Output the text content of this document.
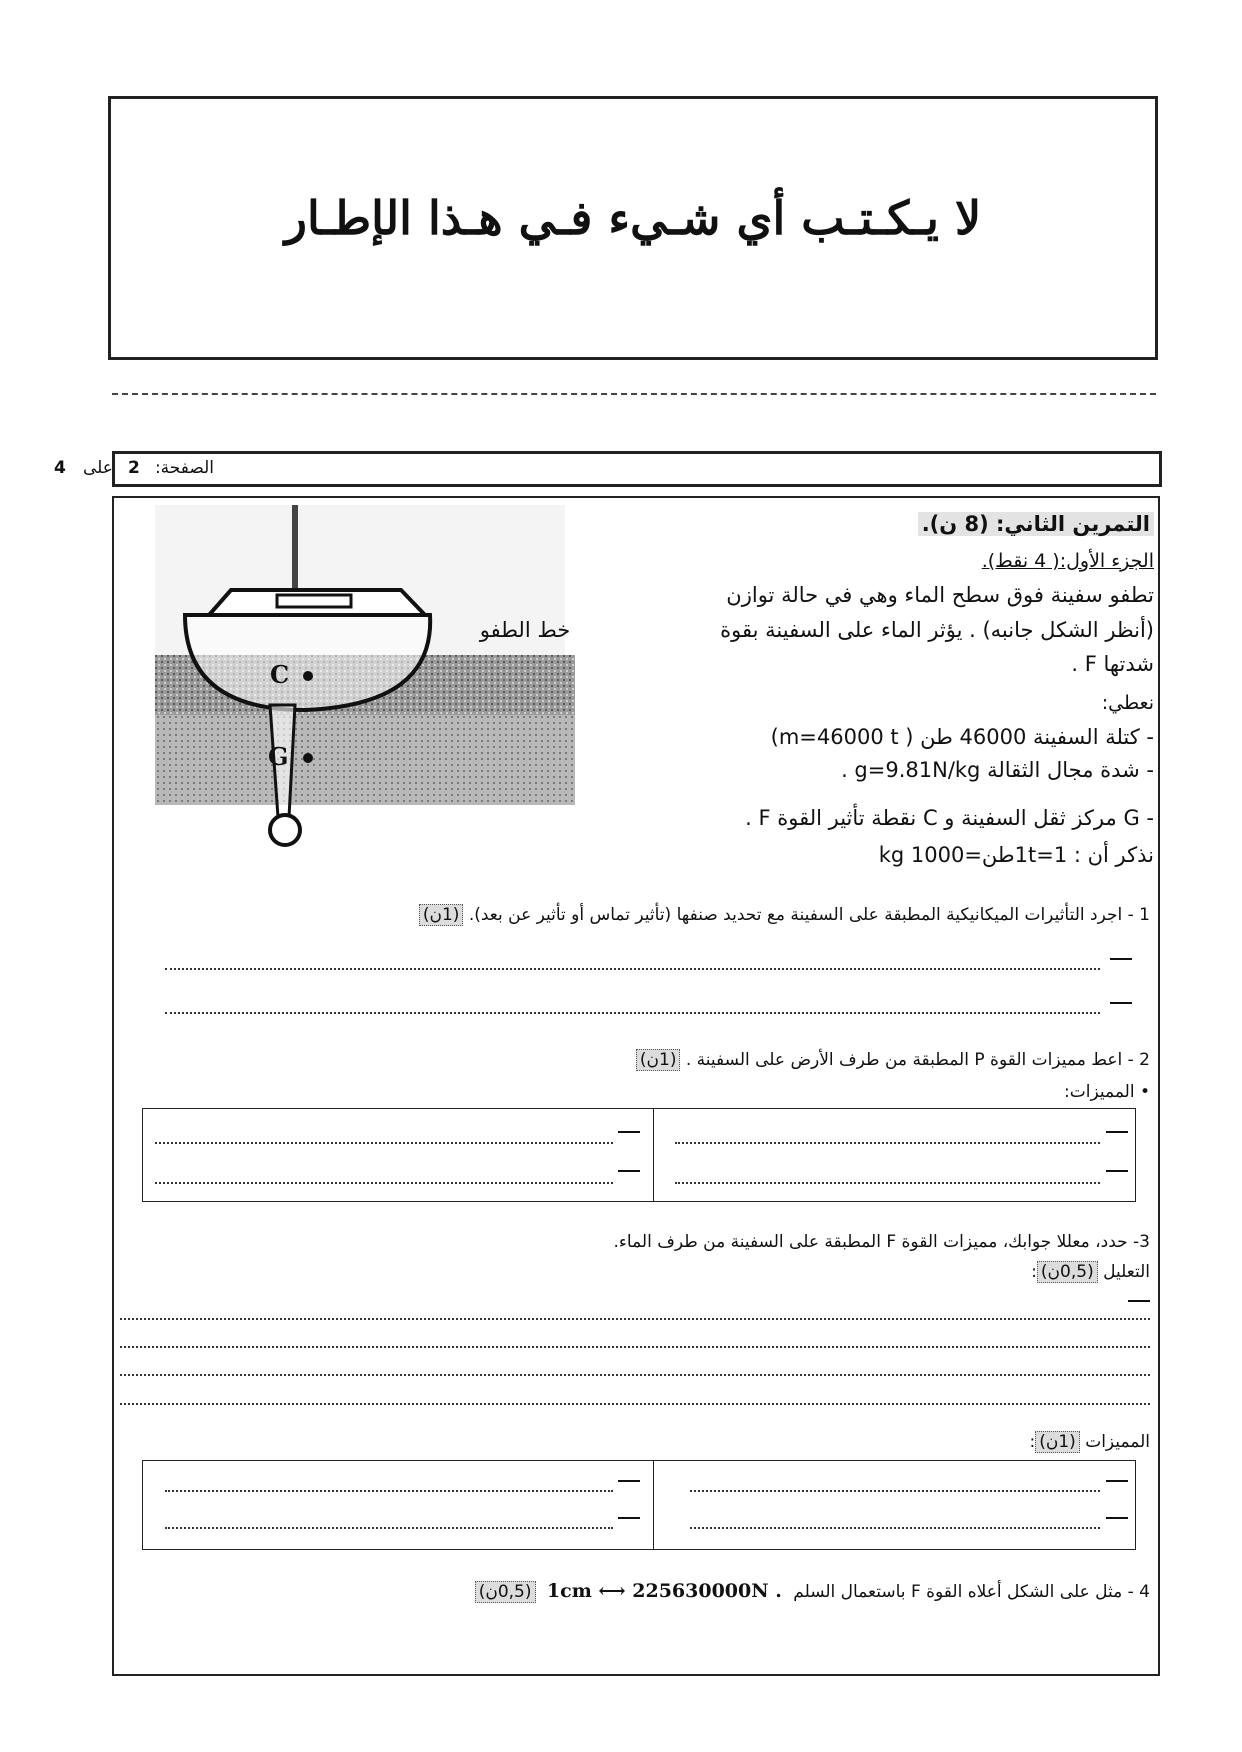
لا يـكـتـب أي شـيء فـي هـذا الإطـار
الصفحة: 2 على 4
C
G
خط الطفو
التمرين الثاني: (8 ن).
الجزء الأول:( 4 نقط).
تطفو سفينة فوق سطح الماء وهي في حالة توازن
(أنظر الشكل جانبه) . يؤثر الماء على السفينة بقوة
شدتها F .
نعطي:
- كتلة السفينة 46000 طن ( m=46000 t)
- شدة مجال الثقالة g=9.81N/kg .
- G مركز ثقل السفينة و C نقطة تأثير القوة F .
نذكر أن : 1t=1طن=1000 kg
1 - اجرد التأثيرات الميكانيكية المطبقة على السفينة مع تحديد صنفها (تأثير تماس أو تأثير عن بعد). (1ن)
2 - اعط مميزات القوة P المطبقة من طرف الأرض على السفينة . (1ن)
• المميزات:
3- حدد، معللا جوابك، مميزات القوة F المطبقة على السفينة من طرف الماء.
التعليل (0,5ن):
المميزات (1ن):
4 - مثل على الشكل أعلاه القوة F باستعمال السلم 1cm ⟷ 225630000N . (0,5ن)
